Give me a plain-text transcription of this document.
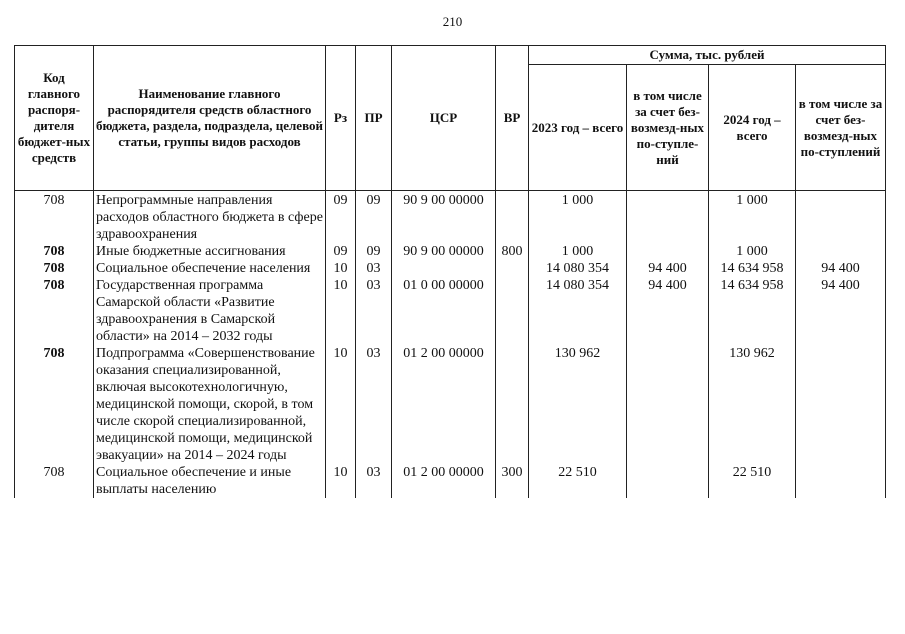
210
Код главного распоря-дителя бюджет-ных средств	Наименование главного распорядителя средств областного бюджета, раздела, подраздела, целевой статьи, группы видов расходов	Рз	ПР	ЦСР	ВР	Сумма, тыс. рублей			
						2023 год – всего	в том числе за счет без-возмезд-ных по-ступле-ний	2024 год – всего	в том числе за счет без-возмезд-ных по-ступлений
708	Непрограммные направления расходов областного бюджета в сфере здравоохранения	09	09	90 9 00 00000		1 000		1 000	
708	Иные бюджетные ассигнования	09	09	90 9 00 00000	800	1 000		1 000	
708	Социальное обеспечение населения	10	03			14 080 354	94 400	14 634 958	94 400
708	Государственная программа Самарской области «Развитие здравоохранения в Самарской области» на 2014 – 2032 годы	10	03	01 0 00 00000		14 080 354	94 400	14 634 958	94 400
708	Подпрограмма «Совершенствование оказания специализированной, включая высокотехнологичную, медицинской помощи, скорой, в том числе скорой специализированной, медицинской помощи, медицинской эвакуации» на 2014 – 2024 годы	10	03	01 2 00 00000		130 962		130 962	
708	Социальное обеспечение и иные выплаты населению	10	03	01 2 00 00000	300	22 510		22 510	
